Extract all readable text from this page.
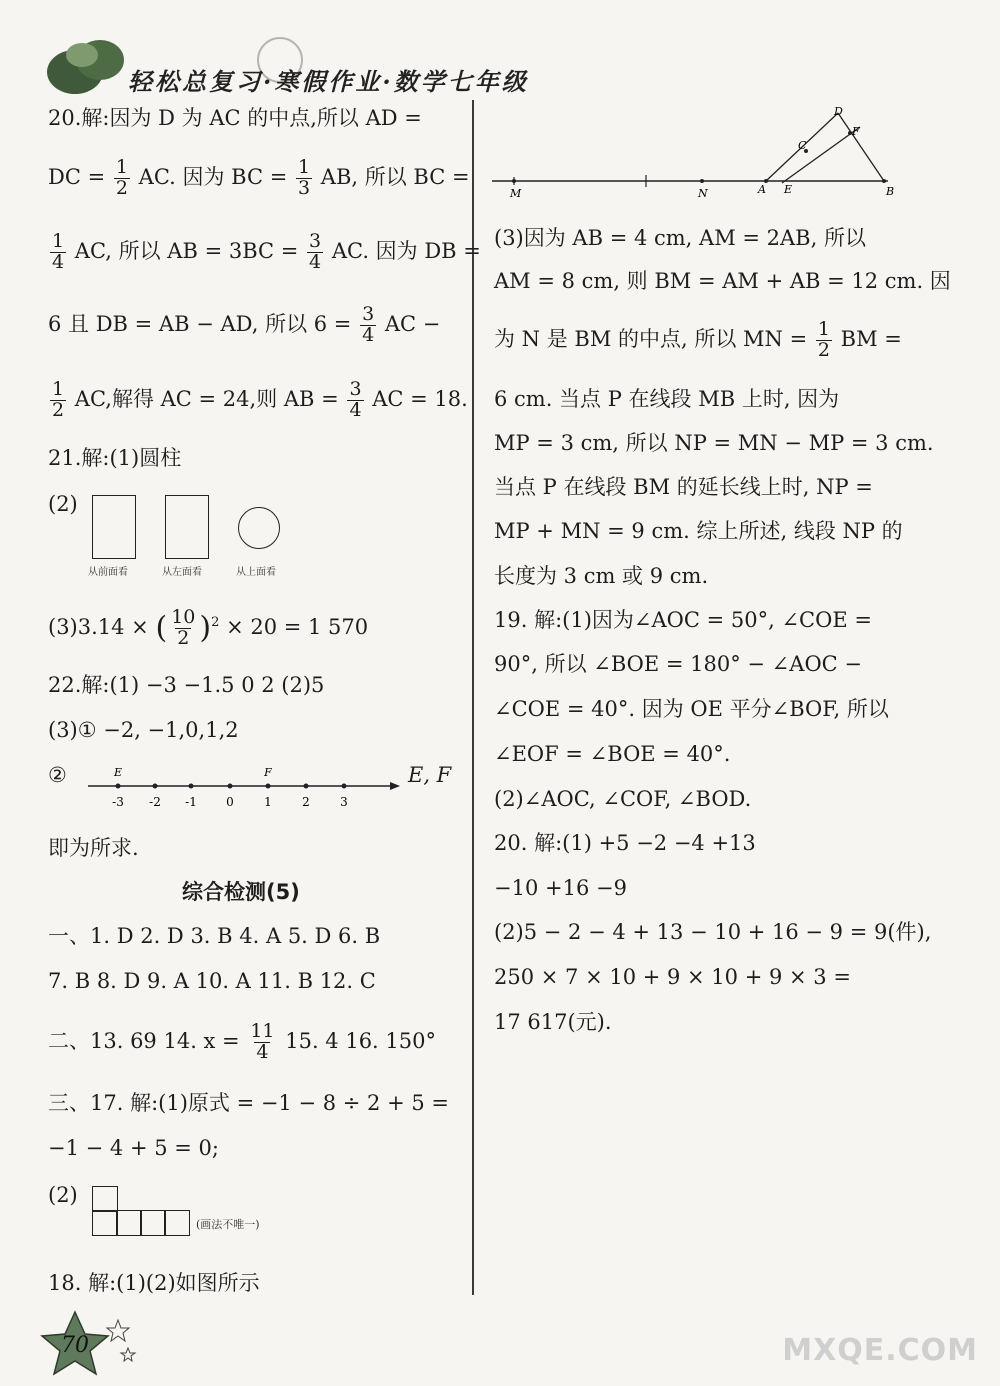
轻松总复习·寒假作业·数学七年级
20.解:因为 D 为 AC 的中点,所以 AD =
DC = $\frac{1}{2}$ AC. 因为 BC = $\frac{1}{3}$ AB, 所以 BC =
$\frac{1}{4}$ AC, 所以 AB = $3BC = \frac{3}{4}$ AC. 因为 DB =
6 且 DB = AB − AD, 所以 $6 = \frac{3}{4}$ AC −
$\frac{1}{2}$ AC,解得 AC = 24,则 AB = $\frac{3}{4}$ AC = 18.
21.解:(1)圆柱
(2)
从前面看	从左面看	从上面看
(3)3.14 × ( $\frac{10}{2} )^2 \times 20 = 1$ 570
22.解:(1) −3 −1.5 0 2 (2)5
(3)① −2, −1,0,1,2
②	E	F
-3 -2 -1 0	1	2	3
E, F
即为所求.
综合检测(5)
一、1. D 2. D 3. B 4. A 5. D 6. B
7. B 8. D 9. A 10. A 11. B 12. C
二、13. 69 14. $x = \frac{11}{4} 15$. 4 16. 150°
三、17. 解:(1)原式 = −1 − 8 ÷ 2 + 5 =
−1 − 4 + 5 = 0;
(2)
(画法不唯一)
18. 解:(1)(2)如图所示
M	N	A E	B
C
D
F
(3)因为 AB = 4 cm, AM = 2AB, 所以
AM = 8 cm, 则 BM = AM + AB = 12 cm. 因
为 N 是 BM 的中点, 所以 MN = $\frac{1}{2}$ BM =
6 cm. 当点 P 在线段 MB 上时, 因为
MP = 3 cm, 所以 NP = MN − MP = 3 cm.
当点 P 在线段 BM 的延长线上时, NP =
MP + MN = 9 cm. 综上所述, 线段 NP 的
长度为 3 cm 或 9 cm.
19. 解:(1)因为∠AOC = 50°, ∠COE =
90°, 所以 ∠BOE = 180° − ∠AOC −
∠COE = 40°. 因为 OE 平分∠BOF, 所以
∠EOF = ∠BOE = 40°.
(2)∠AOC, ∠COF, ∠BOD.
20. 解:(1) +5 −2 −4 +13
−10 +16 −9
(2)5 − 2 − 4 + 13 − 10 + 16 − 9 = 9(件),
250 × 7 × 10 + 9 × 10 + 9 × 3 =
17 617(元).
70	MXQE.COM
